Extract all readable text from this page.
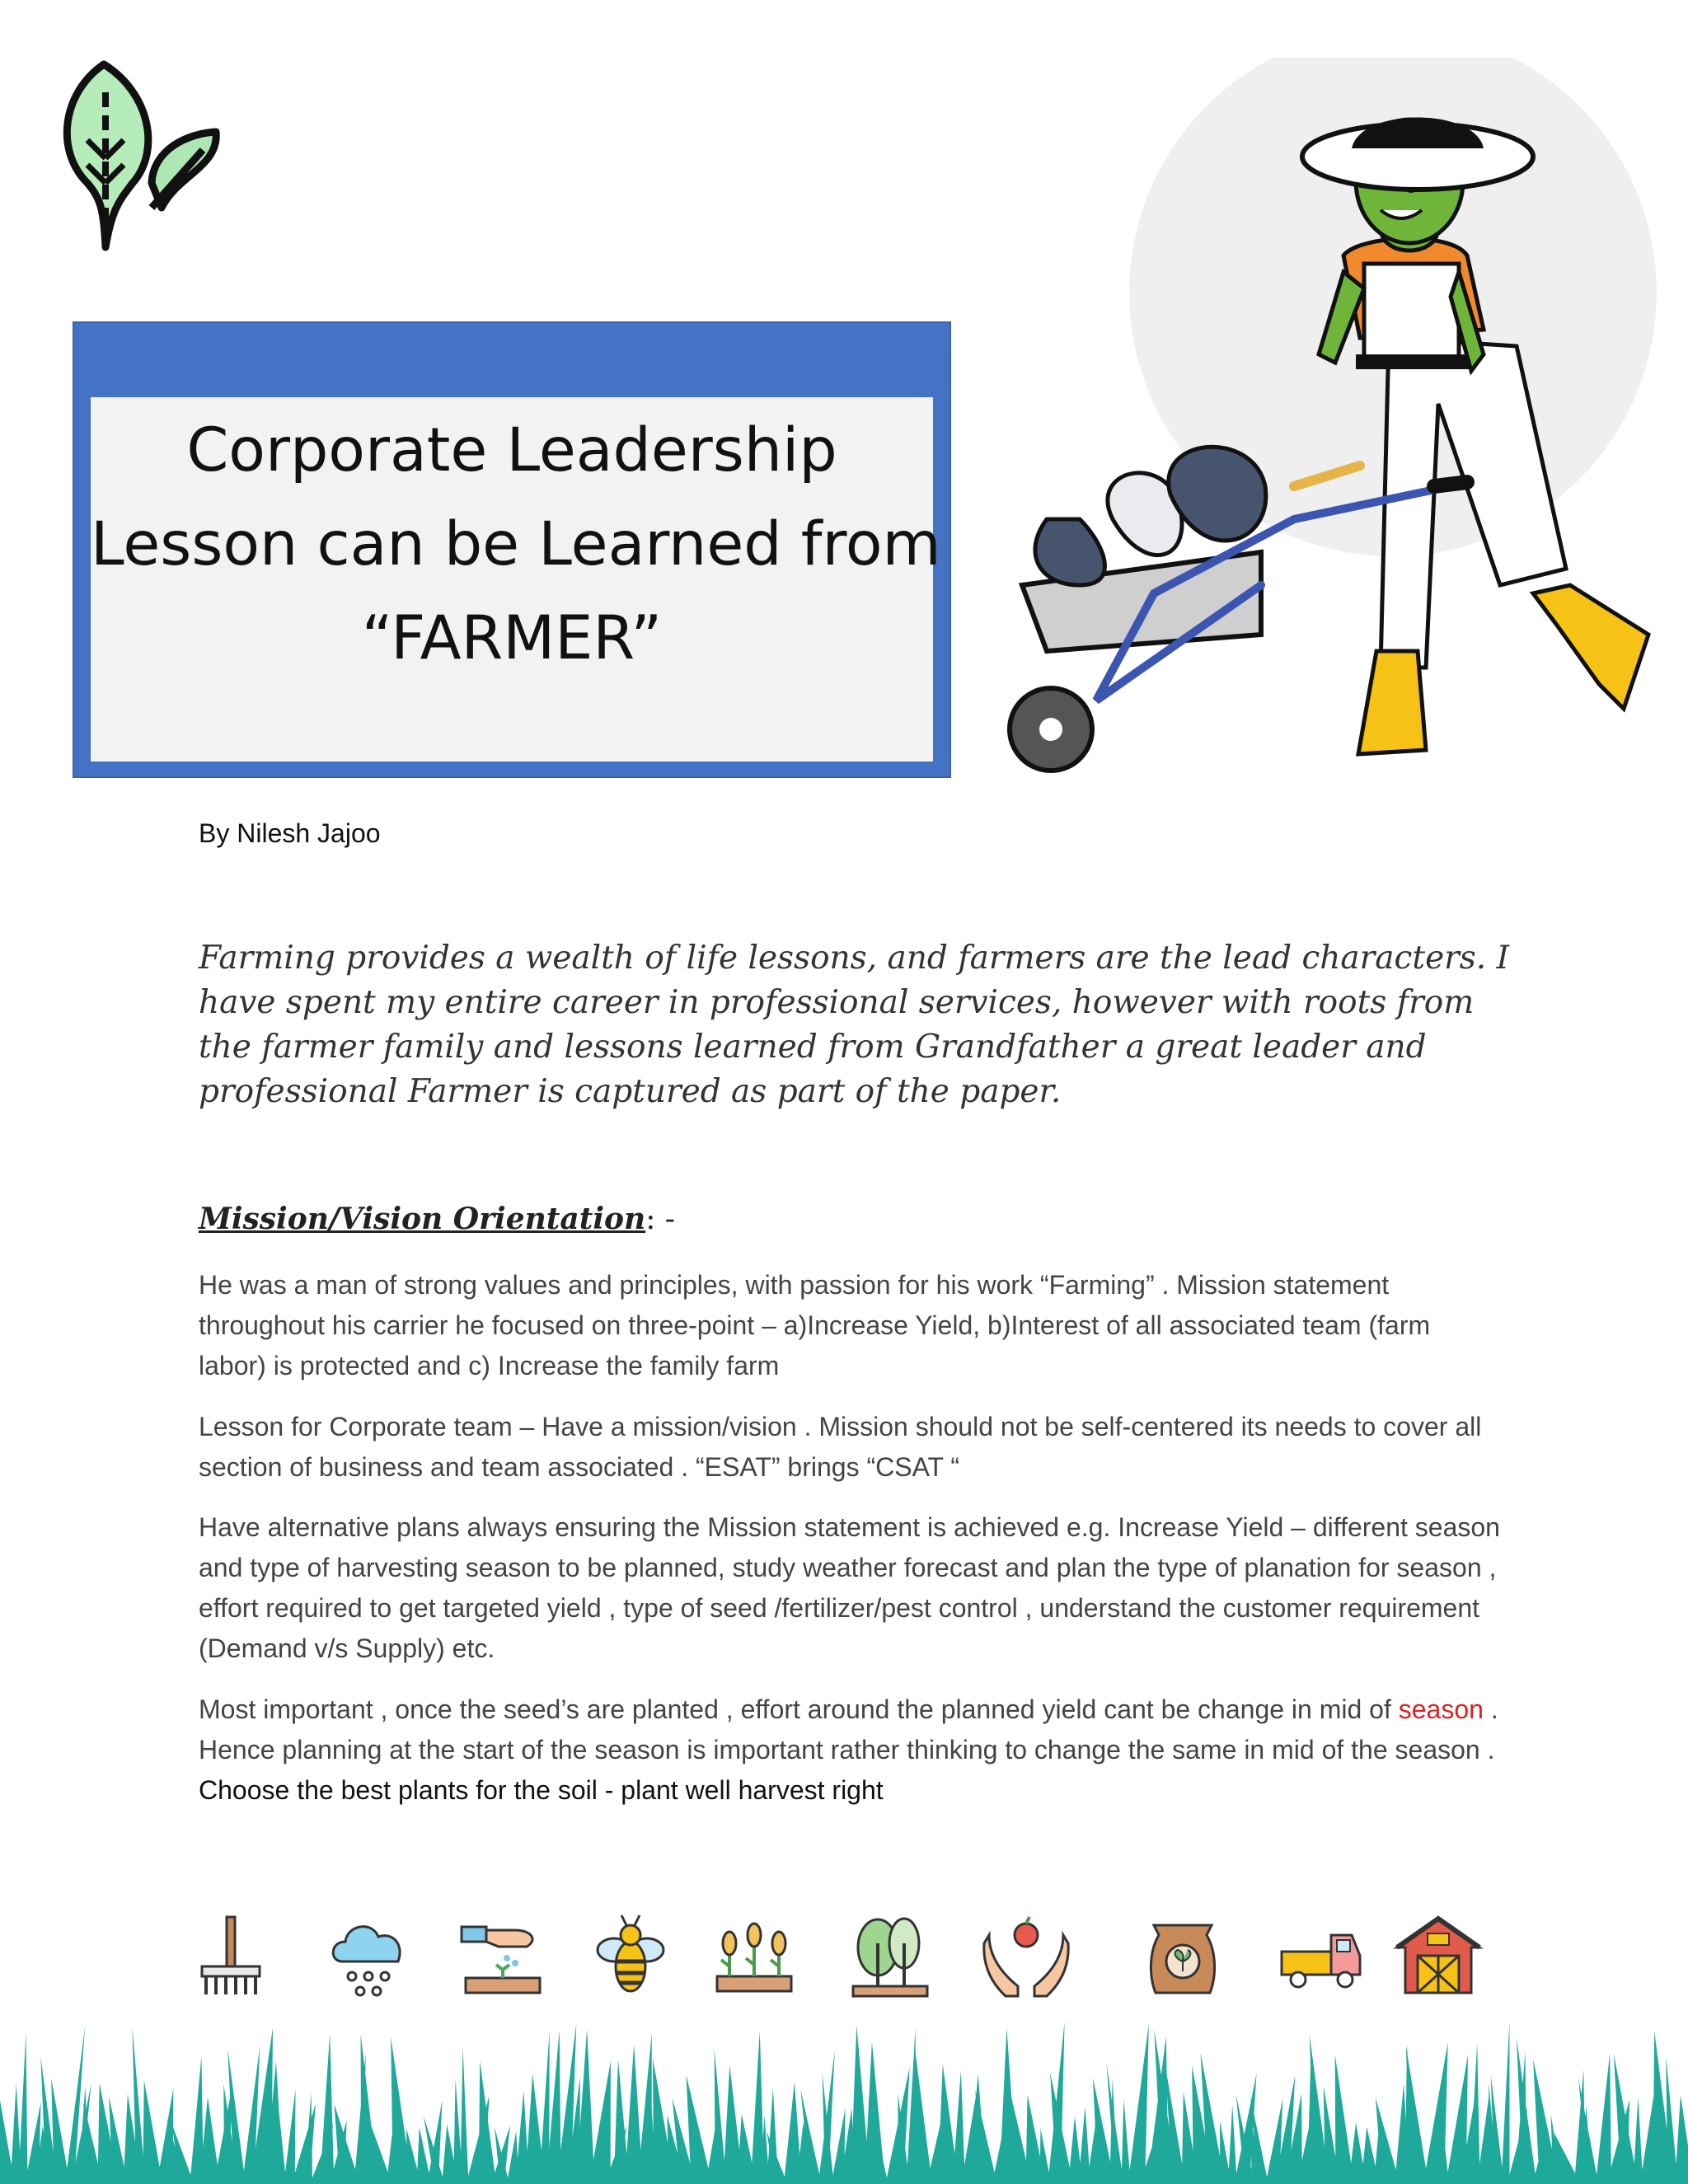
Corporate Leadership
Lesson can be Learned from
“FARMER”
By Nilesh Jajoo
Farming provides a wealth of life lessons, and farmers are the lead characters. I have spent my entire career in professional services, however with roots from the farmer family and lessons learned from Grandfather a great leader and professional Farmer is captured as part of the paper.
Mission/Vision Orientation: -
He was a man of strong values and principles, with passion for his work “Farming” . Mission statement throughout his carrier he focused on three-point – a)Increase Yield, b)Interest of all associated team (farm labor) is protected and c) Increase the family farm
Lesson for Corporate team – Have a mission/vision . Mission should not be self-centered its needs to cover all section of business and team associated . “ESAT” brings “CSAT “
Have alternative plans always ensuring the Mission statement is achieved e.g. Increase Yield – different season and type of harvesting season to be planned, study weather forecast and plan the type of planation for season , effort required to get targeted yield , type of seed /fertilizer/pest control , understand the customer requirement (Demand v/s Supply) etc.
Most important , once the seed’s are planted , effort around the planned yield cant be change in mid of season . Hence planning at the start of the season is important rather thinking to change the same in mid of the season . Choose the best plants for the soil - plant well harvest right
